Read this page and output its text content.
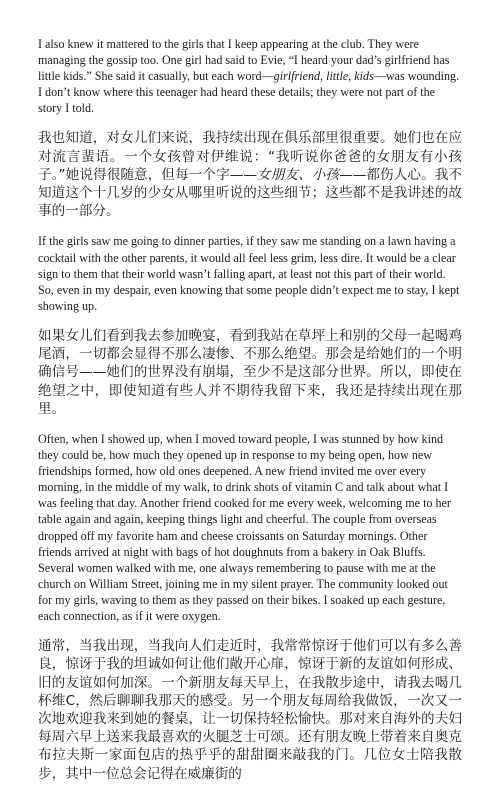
I also knew it mattered to the girls that I keep appearing at the club. They were managing the gossip too. One girl had said to Evie, “I heard your dad’s girlfriend has little kids.” She said it casually, but each word—girlfriend, little, kids—was wounding. I don’t know where this teenager had heard these details; they were not part of the story I told.

我也知道，对女儿们来说，我持续出现在俱乐部里很重要。她们也在应对流言蜚语。一个女孩曾对伊维说：“我听说你爸爸的女朋友有小孩子。”她说得很随意，但每一个字——女朋友、小孩——都伤人心。我不知道这个十几岁的少女从哪里听说的这些细节；这些都不是我讲述的故事的一部分。

If the girls saw me going to dinner parties, if they saw me standing on a lawn having a cocktail with the other parents, it would all feel less grim, less dire. It would be a clear sign to them that their world wasn’t falling apart, at least not this part of their world. So, even in my despair, even knowing that some people didn’t expect me to stay, I kept showing up.

如果女儿们看到我去参加晚宴，看到我站在草坪上和别的父母一起喝鸡尾酒，一切都会显得不那么凄惨、不那么绝望。那会是给她们的一个明确信号——她们的世界没有崩塌，至少不是这部分世界。所以，即使在绝望之中，即使知道有些人并不期待我留下来，我还是持续出现在那里。

Often, when I showed up, when I moved toward people, I was stunned by how kind they could be, how much they opened up in response to my being open, how new friendships formed, how old ones deepened. A new friend invited me over every morning, in the middle of my walk, to drink shots of vitamin C and talk about what I was feeling that day. Another friend cooked for me every week, welcoming me to her table again and again, keeping things light and cheerful. The couple from overseas dropped off my favorite ham and cheese croissants on Saturday mornings. Other friends arrived at night with bags of hot doughnuts from a bakery in Oak Bluffs. Several women walked with me, one always remembering to pause with me at the church on William Street, joining me in my silent prayer. The community looked out for my girls, waving to them as they passed on their bikes. I soaked up each gesture, each connection, as if it were oxygen.

通常，当我出现，当我向人们走近时，我常常惊讶于他们可以有多么善良，惊讶于我的坦诚如何让他们敞开心扉，惊讶于新的友谊如何形成、旧的友谊如何加深。一个新朋友每天早上，在我散步途中，请我去喝几杯维C，然后聊聊我那天的感受。另一个朋友每周给我做饭，一次又一次地欢迎我来到她的餐桌，让一切保持轻松愉快。那对来自海外的夫妇每周六早上送来我最喜欢的火腿芝士可颂。还有朋友晚上带着来自奥克布拉夫斯一家面包店的热乎乎的甜甜圈来敲我的门。几位女士陪我散步，其中一位总会记得在威廉街的
